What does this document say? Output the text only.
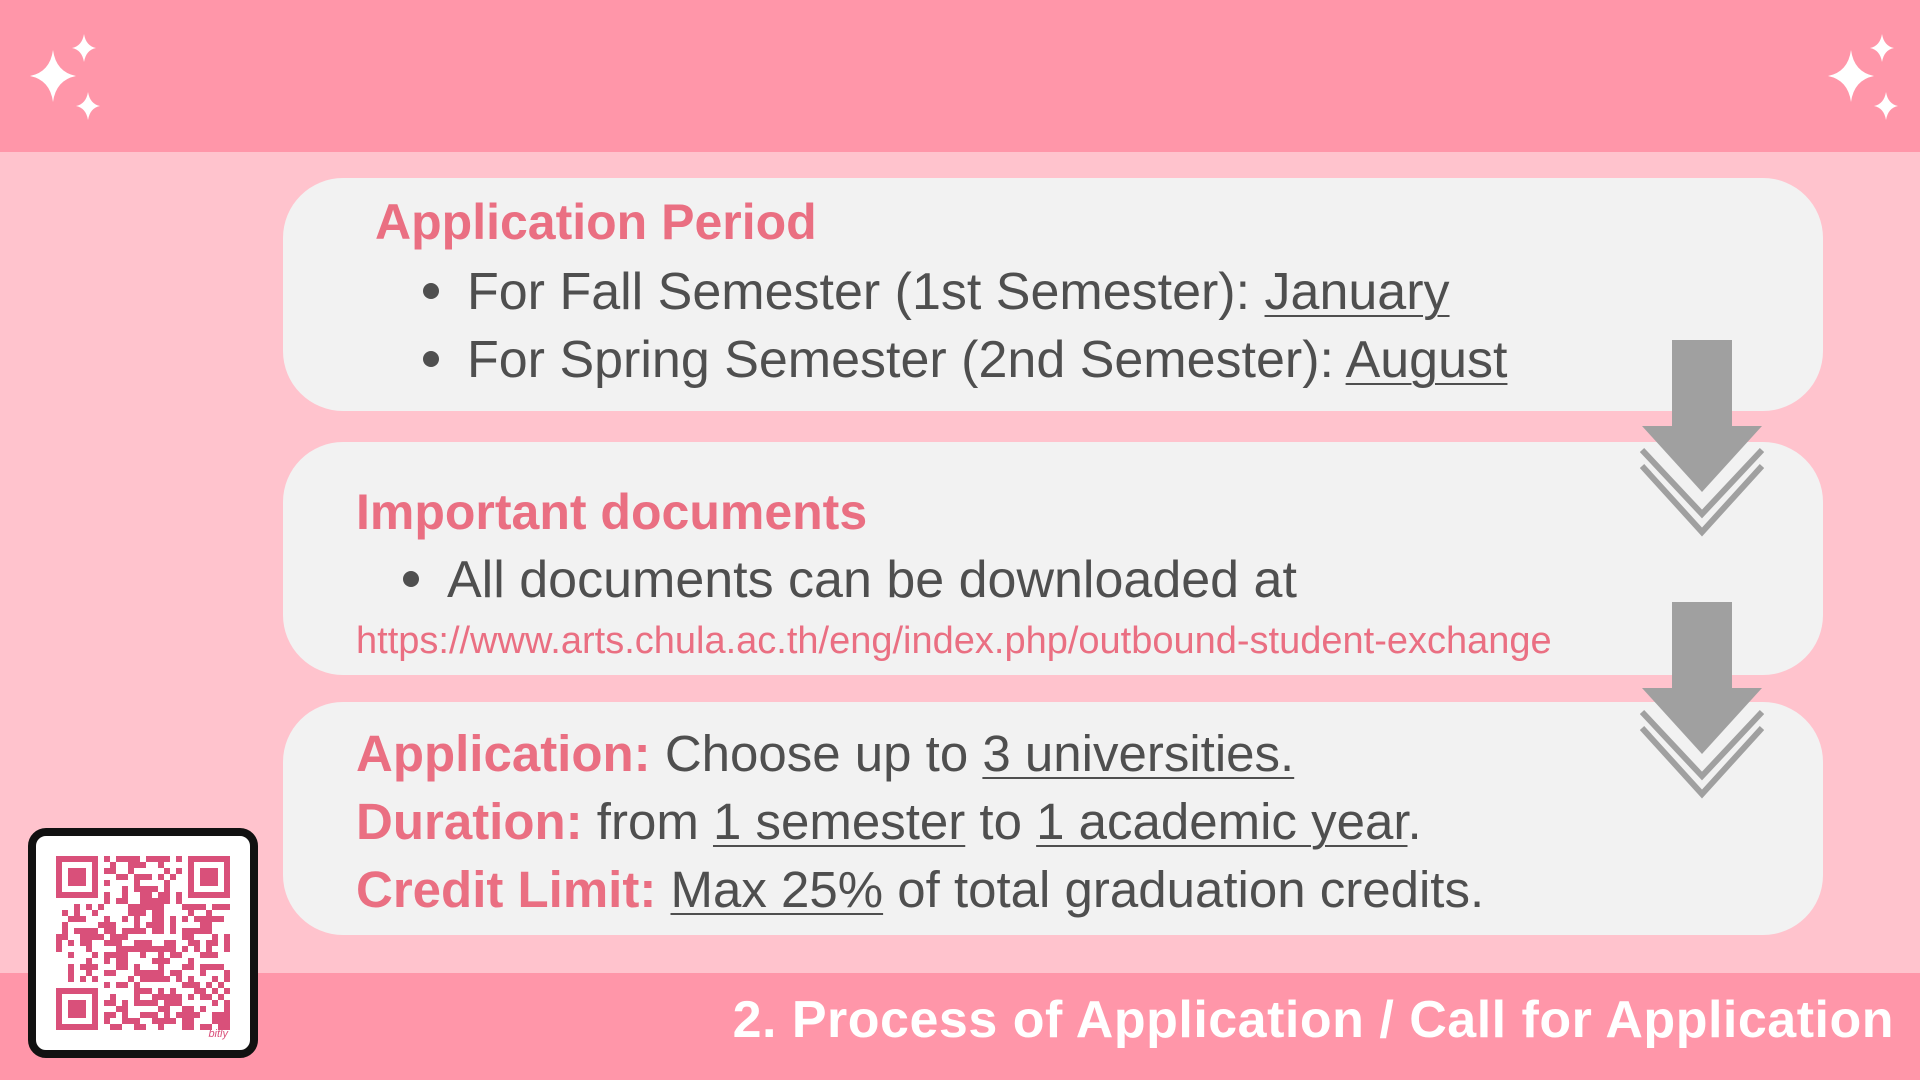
Application Period
For Fall Semester (1st Semester): January
For Spring Semester (2nd Semester): August
Important documents
All documents can be downloaded at
https://www.arts.chula.ac.th/eng/index.php/outbound-student-exchange
Application: Choose up to 3 universities.
Duration: from 1 semester to 1 academic year.
Credit Limit: Max 25% of total graduation credits.
bitly	2. Process of Application / Call for Application
